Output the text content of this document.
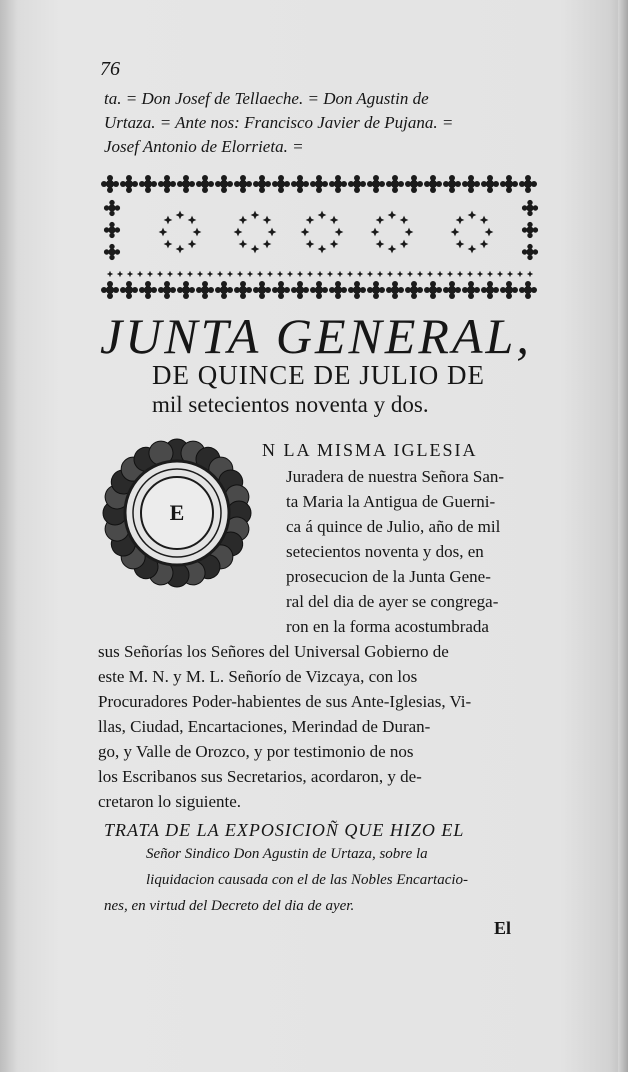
76
ta. = Don Josef de Tellaeche. = Don Agustin de
Urtaza. = Ante nos: Francisco Javier de Pujana. =
Josef Antonio de Elorrieta. =
JUNTA GENERAL,
DE QUINCE DE JULIO DE
mil setecientos noventa y dos.
E
N LA MISMA IGLESIA
Juradera de nuestra Señora San-
ta Maria la Antigua de Guerni-
ca á quince de Julio, año de mil
setecientos noventa y dos, en
prosecucion de la Junta Gene-
ral del dia de ayer se congrega-
ron en la forma acostumbrada
sus Señorías los Señores del Universal Gobierno de
este M. N. y M. L. Señorío de Vizcaya, con los
Procuradores Poder-habientes de sus Ante-Iglesias, Vi-
llas, Ciudad, Encartaciones, Merindad de Duran-
go, y Valle de Orozco, y por testimonio de nos
los Escribanos sus Secretarios, acordaron, y de-
cretaron lo siguiente.
TRATA DE LA EXPOSICIOÑ QUE HIZO EL
Señor Sindico Don Agustin de Urtaza, sobre la
liquidacion causada con el de las Nobles Encartacio-
nes, en virtud del Decreto del dia de ayer.
El
